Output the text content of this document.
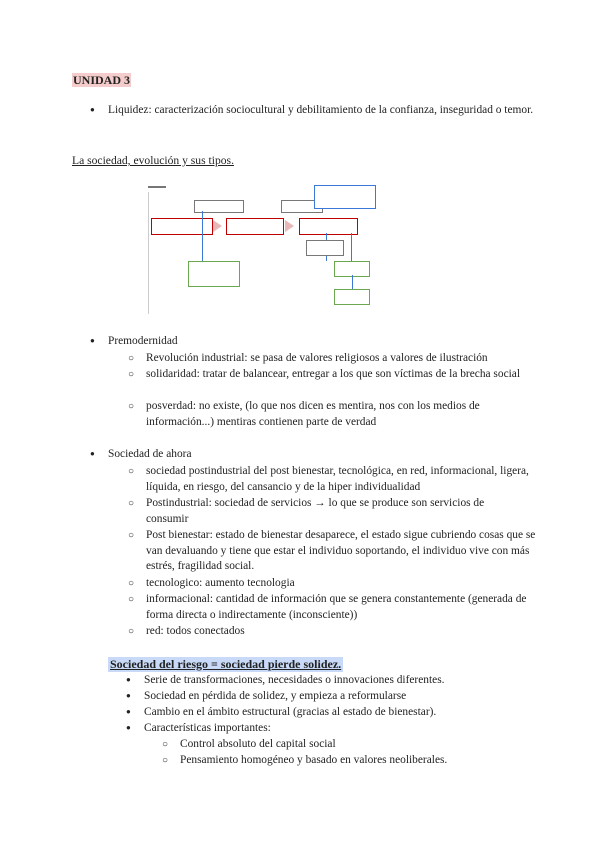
UNIDAD 3
●
Liquidez: caracterización sociocultural y debilitamiento de la confianza, inseguridad o temor.
La sociedad, evolución y sus tipos.
●
Premodernidad
○
Revolución industrial: se pasa de valores religiosos a valores de ilustración
○
solidaridad: tratar de balancear, entregar a los que son víctimas de la brecha social
○
posverdad: no existe, (lo que nos dicen es mentira, nos con los medios de información...) mentiras contienen parte de verdad
●
Sociedad de ahora
○
sociedad postindustrial del post bienestar, tecnológica, en red, informacional, ligera, líquida, en riesgo, del cansancio y de la hiper individualidad
○
Postindustrial: sociedad de servicios → lo que se produce son servicios de consumir
○
Post bienestar: estado de bienestar desaparece, el estado sigue cubriendo cosas que se van devaluando y tiene que estar el individuo soportando, el individuo vive con más estrés, fragilidad social.
○
tecnologico: aumento tecnologia
○
informacional: cantidad de información que se genera constantemente (generada de forma directa o indirectamente (inconsciente))
○
red: todos conectados
Sociedad del riesgo = sociedad pierde solidez.
●
Serie de transformaciones, necesidades o innovaciones diferentes.
●
Sociedad en pérdida de solidez, y empieza a reformularse
●
Cambio en el ámbito estructural (gracias al estado de bienestar).
●
Características importantes:
○
Control absoluto del capital social
○
Pensamiento homogéneo y basado en valores neoliberales.
